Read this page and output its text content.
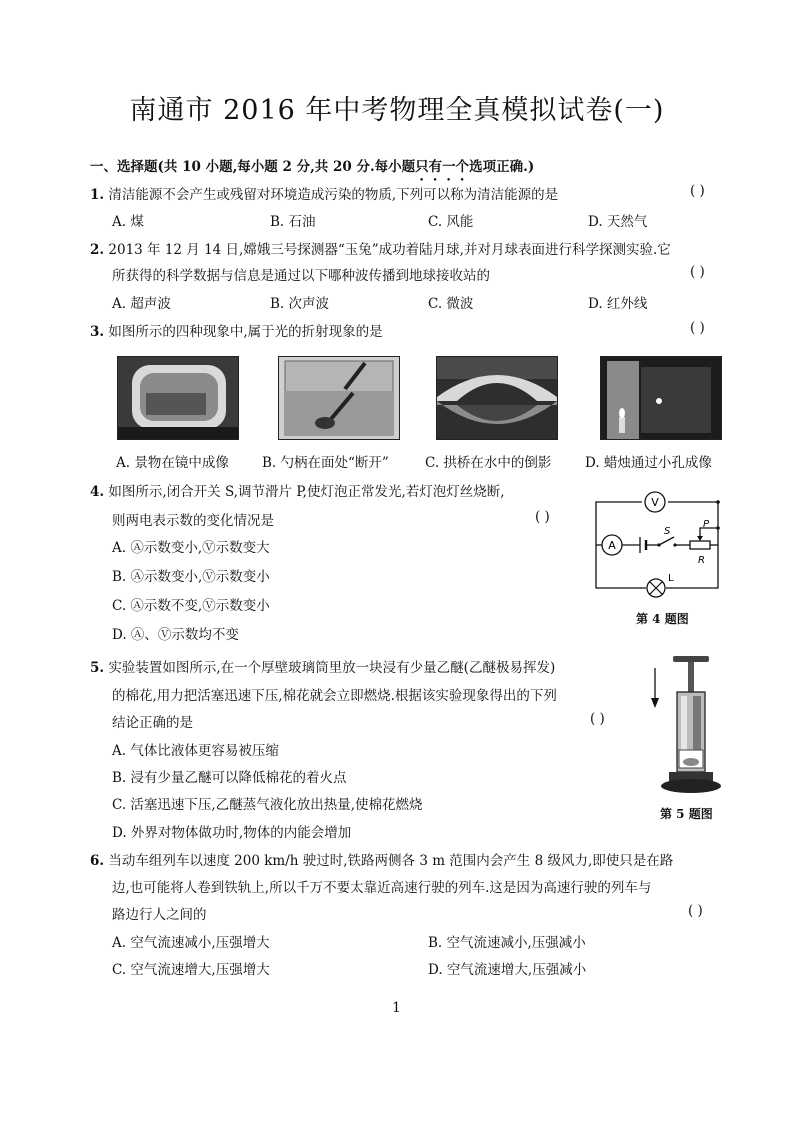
南通市 2016 年中考物理全真模拟试卷(一)
一、选择题(共 10 小题,每小题 2 分,共 20 分.每小题只有一个选项正确.)
1. 清洁能源不会产生或残留对环境造成污染的物质,下列可以称为清洁能源的是	( )
A. 煤	B. 石油	C. 风能	D. 天然气
2. 2013 年 12 月 14 日,嫦娥三号探测器“玉兔”成功着陆月球,并对月球表面进行科学探测实验.它
所获得的科学数据与信息是通过以下哪种波传播到地球接收站的	( )
A. 超声波	B. 次声波	C. 微波	D. 红外线
3. 如图所示的四种现象中,属于光的折射现象的是	( )
A. 景物在镜中成像 B. 勺柄在面处“断开”	C. 拱桥在水中的倒影 D. 蜡烛通过小孔成像
4. 如图所示,闭合开关 S,调节滑片 P,使灯泡正常发光,若灯泡灯丝烧断,
则两电表示数的变化情况是	( )
A. Ⓐ示数变小,Ⓥ示数变大
B. Ⓐ示数变小,Ⓥ示数变小
C. Ⓐ示数不变,Ⓥ示数变小
D. Ⓐ、Ⓥ示数均不变
V
A
S
P
R
L
第 4 题图
5. 实验装置如图所示,在一个厚壁玻璃筒里放一块浸有少量乙醚(乙醚极易挥发)
的棉花,用力把活塞迅速下压,棉花就会立即燃烧.根据该实验现象得出的下列
结论正确的是	( )
A. 气体比液体更容易被压缩
B. 浸有少量乙醚可以降低棉花的着火点
C. 活塞迅速下压,乙醚蒸气液化放出热量,使棉花燃烧
D. 外界对物体做功时,物体的内能会增加
第 5 题图
6. 当动车组列车以速度 200 km/h 驶过时,铁路两侧各 3 m 范围内会产生 8 级风力,即使只是在路
边,也可能将人卷到铁轨上,所以千万不要太靠近高速行驶的列车.这是因为高速行驶的列车与
路边行人之间的	( )
A. 空气流速减小,压强增大	B. 空气流速减小,压强减小
C. 空气流速增大,压强增大	D. 空气流速增大,压强减小
1
